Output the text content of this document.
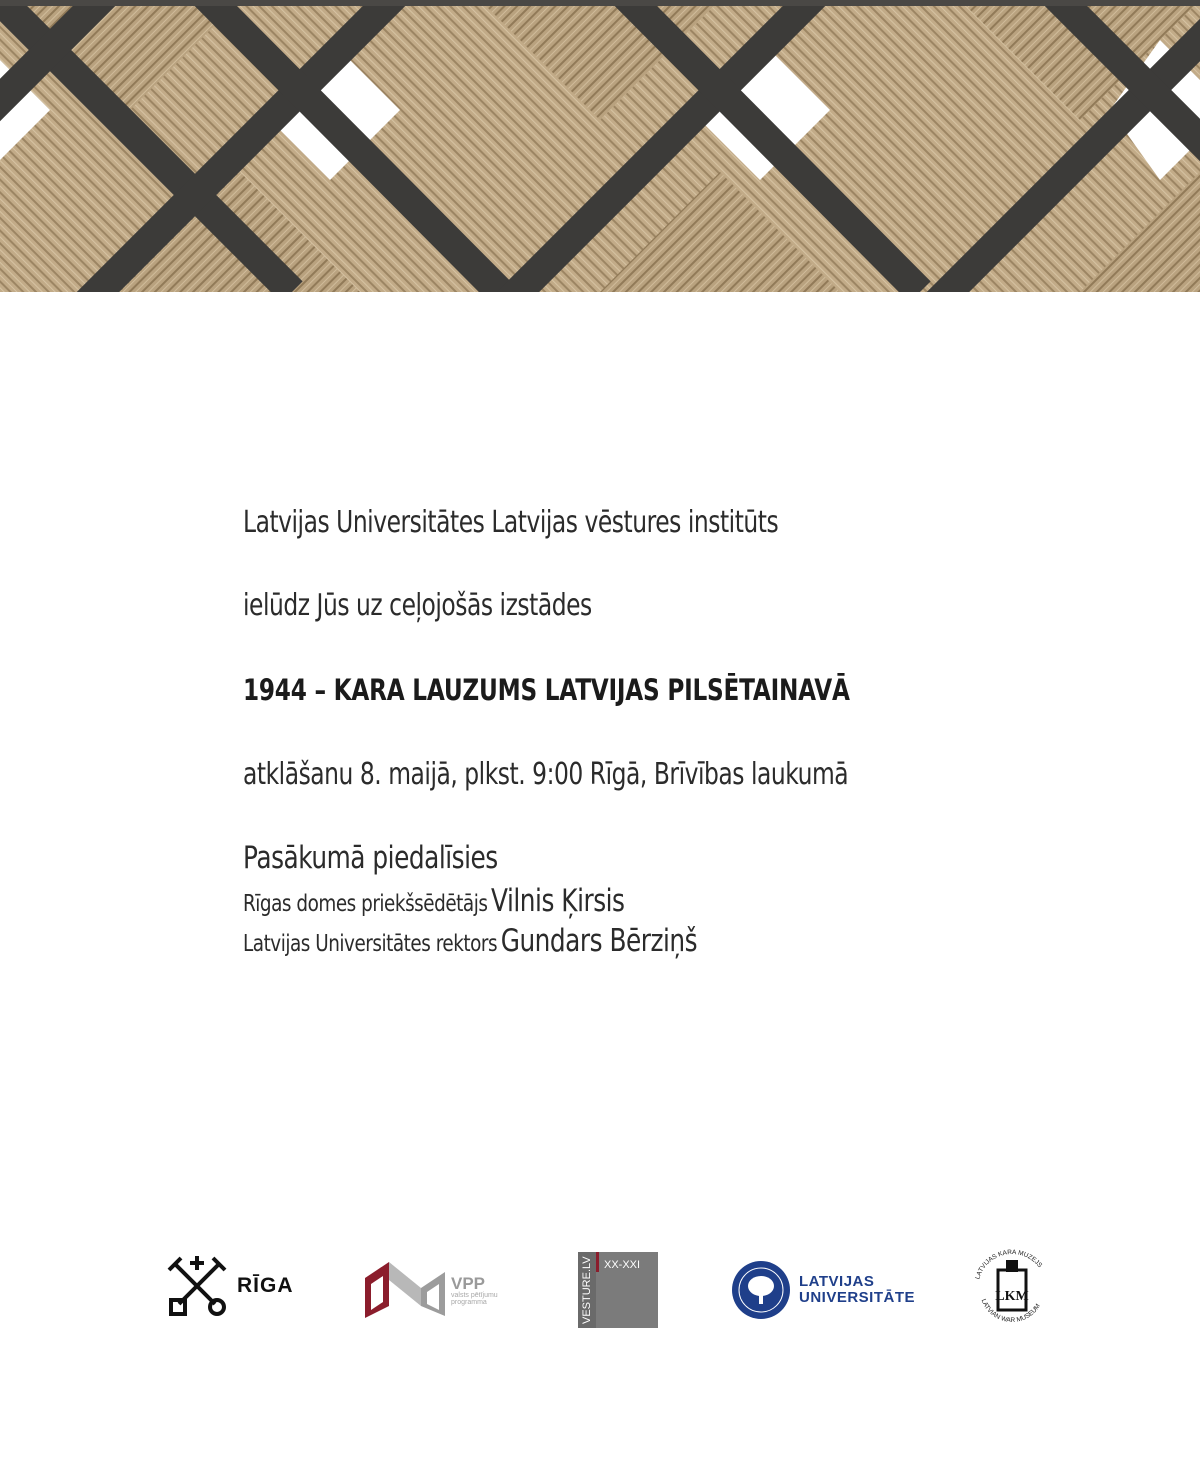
Latvijas Universitātes Latvijas vēstures institūts
ielūdz Jūs uz ceļojošās izstādes
1944 – KARA LAUZUMS LATVIJAS PILSĒTAINAVĀ
atklāšanu 8. maijā, plkst. 9:00 Rīgā, Brīvības laukumā
Pasākumā piedalīsies
Rīgas domes priekšsēdētājs Vilnis Ķirsis
Latvijas Universitātes rektors Gundars Bērziņš
RĪGA	VPP
valsts pētījumu
programma	VESTURE.LV XX-XXI
LATVIJAS
UNIVERSITĀTE
LATVIJAS KARA MUZEJS
LATVIAN WAR MUSEUM
LKM
